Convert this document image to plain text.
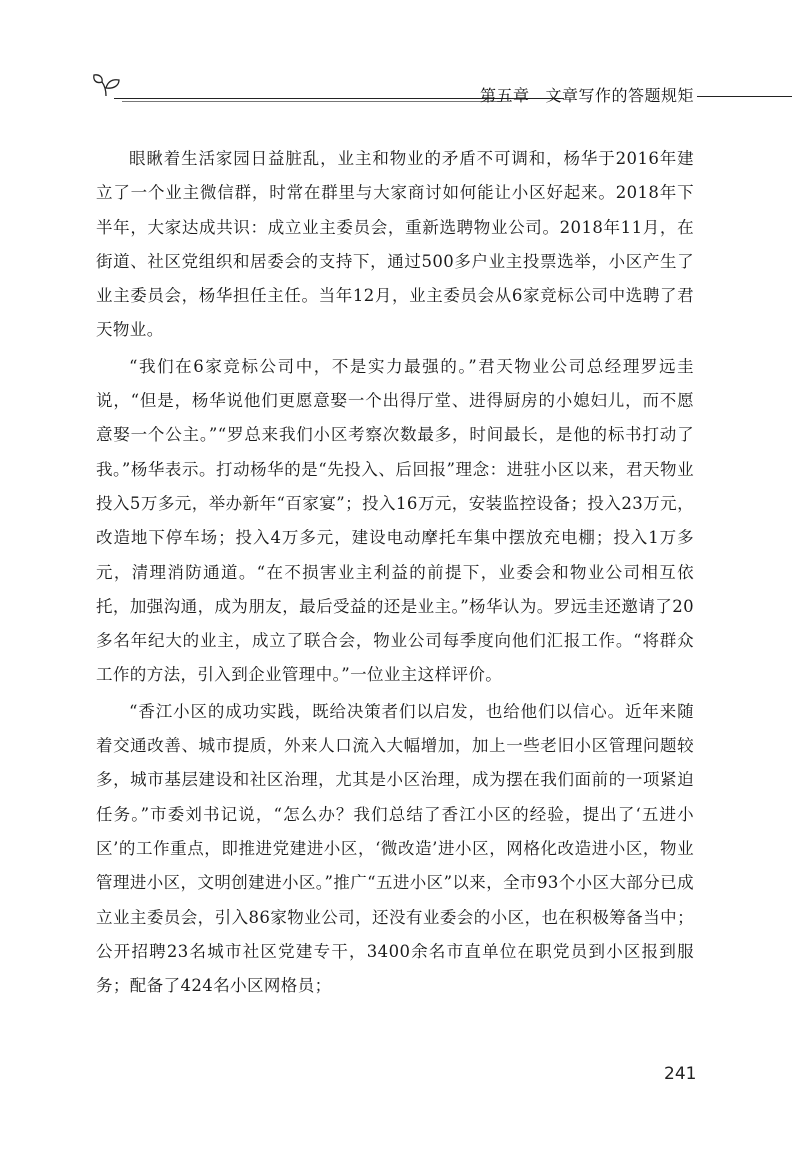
第五章 文章写作的答题规矩

眼瞅着生活家园日益脏乱，业主和物业的矛盾不可调和，杨华于2016年建立了一个业主微信群，时常在群里与大家商讨如何能让小区好起来。2018年下半年，大家达成共识：成立业主委员会，重新选聘物业公司。2018年11月，在街道、社区党组织和居委会的支持下，通过500多户业主投票选举，小区产生了业主委员会，杨华担任主任。当年12月，业主委员会从6家竞标公司中选聘了君天物业。

“我们在6家竞标公司中，不是实力最强的。”君天物业公司总经理罗远圭说，“但是，杨华说他们更愿意娶一个出得厅堂、进得厨房的小媳妇儿，而不愿意娶一个公主。”“罗总来我们小区考察次数最多，时间最长，是他的标书打动了我。”杨华表示。打动杨华的是“先投入、后回报”理念：进驻小区以来，君天物业投入5万多元，举办新年“百家宴”；投入16万元，安装监控设备；投入23万元，改造地下停车场；投入4万多元，建设电动摩托车集中摆放充电棚；投入1万多元，清理消防通道。“在不损害业主利益的前提下，业委会和物业公司相互依托，加强沟通，成为朋友，最后受益的还是业主。”杨华认为。罗远圭还邀请了20多名年纪大的业主，成立了联合会，物业公司每季度向他们汇报工作。“将群众工作的方法，引入到企业管理中。”一位业主这样评价。

“香江小区的成功实践，既给决策者们以启发，也给他们以信心。近年来随着交通改善、城市提质，外来人口流入大幅增加，加上一些老旧小区管理问题较多，城市基层建设和社区治理，尤其是小区治理，成为摆在我们面前的一项紧迫任务。”市委刘书记说，“怎么办？我们总结了香江小区的经验，提出了‘五进小区’的工作重点，即推进党建进小区，‘微改造’进小区，网格化改造进小区，物业管理进小区，文明创建进小区。”推广“五进小区”以来，全市93个小区大部分已成立业主委员会，引入86家物业公司，还没有业委会的小区，也在积极筹备当中；公开招聘23名城市社区党建专干，3400余名市直单位在职党员到小区报到服务；配备了424名小区网格员；

241
